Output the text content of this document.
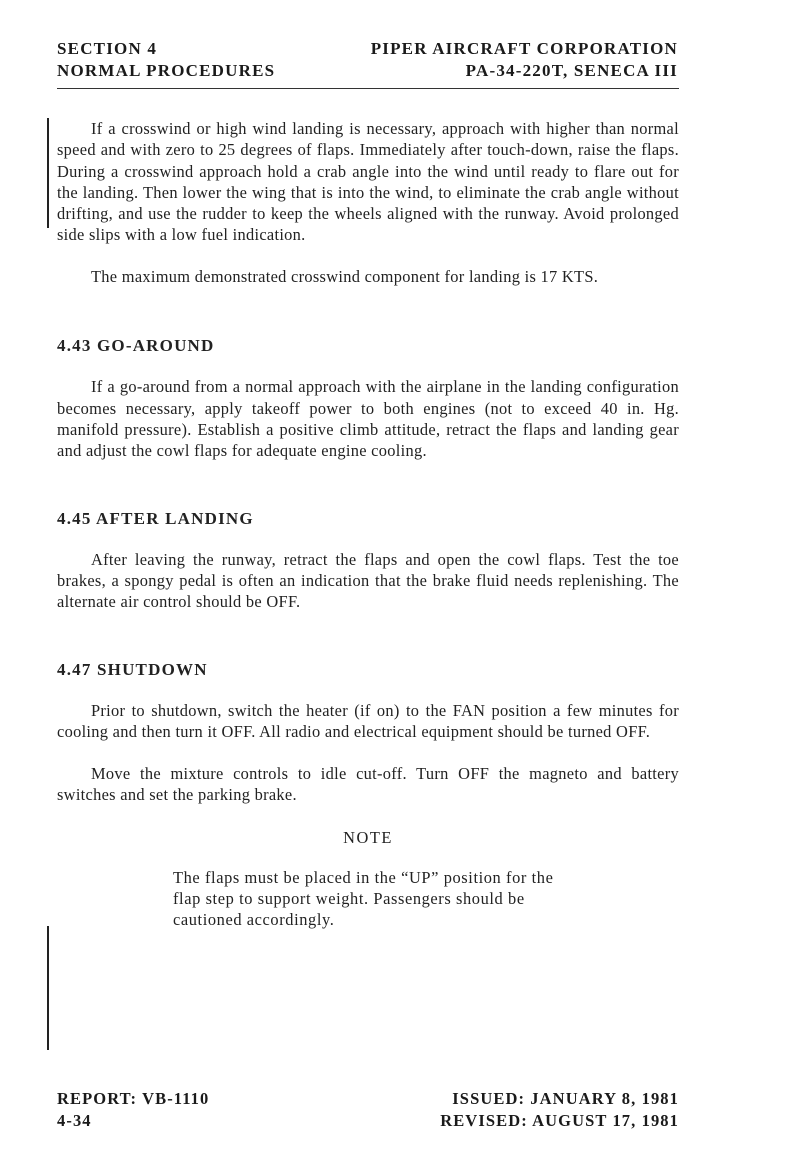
SECTION 4
NORMAL PROCEDURES
PIPER AIRCRAFT CORPORATION
PA-34-220T, SENECA III

If a crosswind or high wind landing is necessary, approach with higher than normal speed and with zero to 25 degrees of flaps. Immediately after touch-down, raise the flaps. During a crosswind approach hold a crab angle into the wind until ready to flare out for the landing. Then lower the wing that is into the wind, to eliminate the crab angle without drifting, and use the rudder to keep the wheels aligned with the runway. Avoid prolonged side slips with a low fuel indication.

The maximum demonstrated crosswind component for landing is 17 KTS.

4.43 GO-AROUND

If a go-around from a normal approach with the airplane in the landing configuration becomes necessary, apply takeoff power to both engines (not to exceed 40 in. Hg. manifold pressure). Establish a positive climb attitude, retract the flaps and landing gear and adjust the cowl flaps for adequate engine cooling.

4.45 AFTER LANDING

After leaving the runway, retract the flaps and open the cowl flaps. Test the toe brakes, a spongy pedal is often an indication that the brake fluid needs replenishing. The alternate air control should be OFF.

4.47 SHUTDOWN

Prior to shutdown, switch the heater (if on) to the FAN position a few minutes for cooling and then turn it OFF. All radio and electrical equipment should be turned OFF.

Move the mixture controls to idle cut-off. Turn OFF the magneto and battery switches and set the parking brake.

NOTE
The flaps must be placed in the “UP” position for the flap step to support weight. Passengers should be cautioned accordingly.
REPORT: VB-1110
4-34
ISSUED: JANUARY 8, 1981
REVISED: AUGUST 17, 1981
